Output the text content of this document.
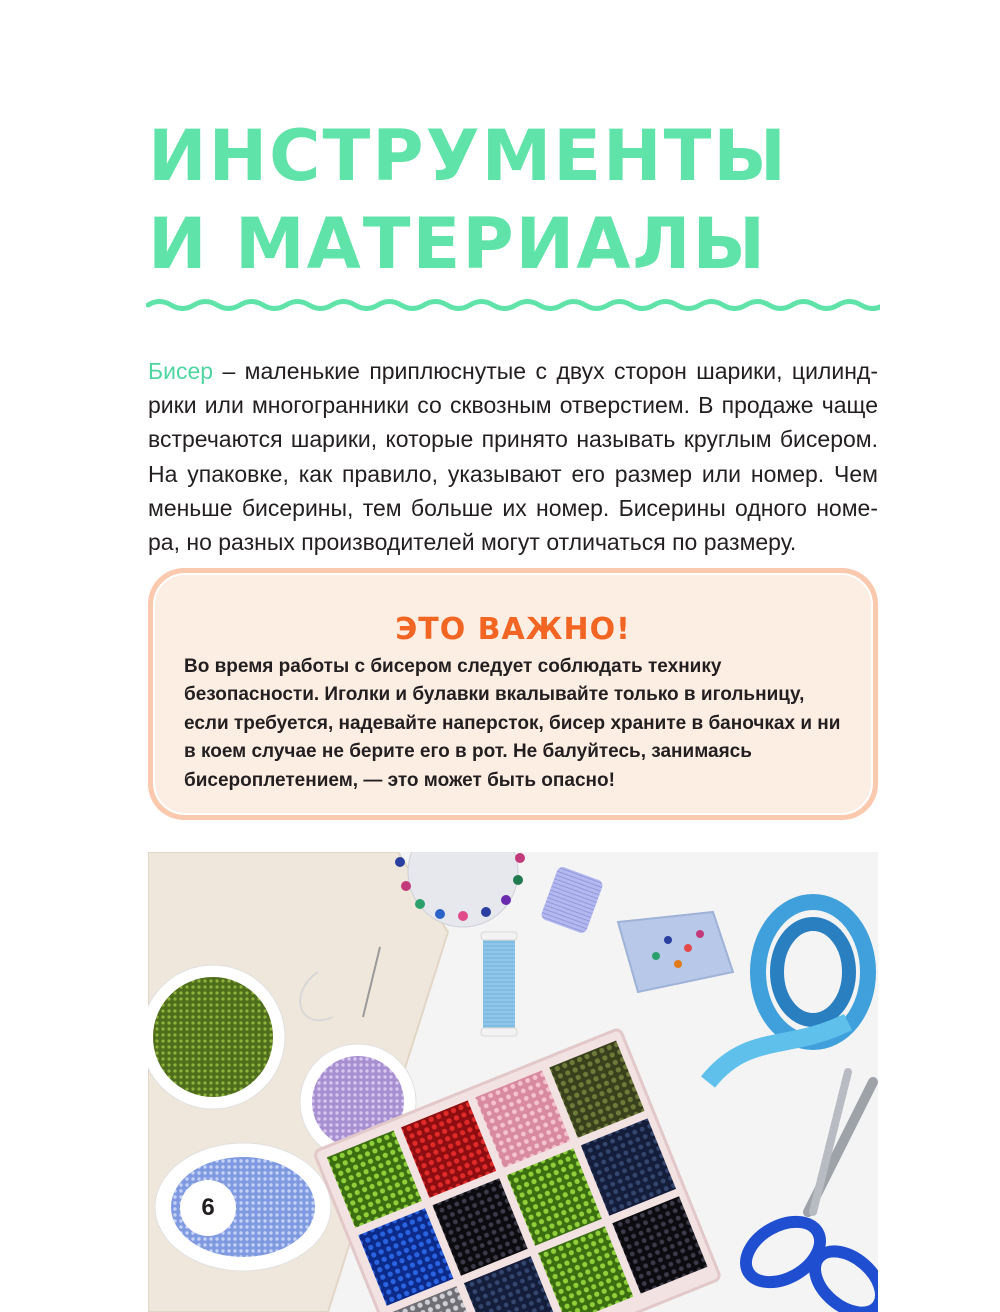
ИНСТРУМЕНТЫ
И МАТЕРИАЛЫ

Бисер – маленькие приплюснутые с двух сторон шарики, цилиндрики или многогранники со сквозным отверстием. В продаже чаще встречаются шарики, которые принято называть круглым бисером. На упаковке, как правило, указывают его размер или номер. Чем меньше бисерины, тем больше их номер. Бисерины одного номера, но разных производителей могут отличаться по размеру.

ЭТО ВАЖНО!

Во время работы с бисером следует соблюдать технику безопасности. Иголки и булавки вкалывайте только в игольницу, если требуется, надевайте наперсток, бисер храните в баночках и ни в коем случае не берите его в рот. Не балуйтесь, занимаясь бисероплетением, — это может быть опасно!

6
